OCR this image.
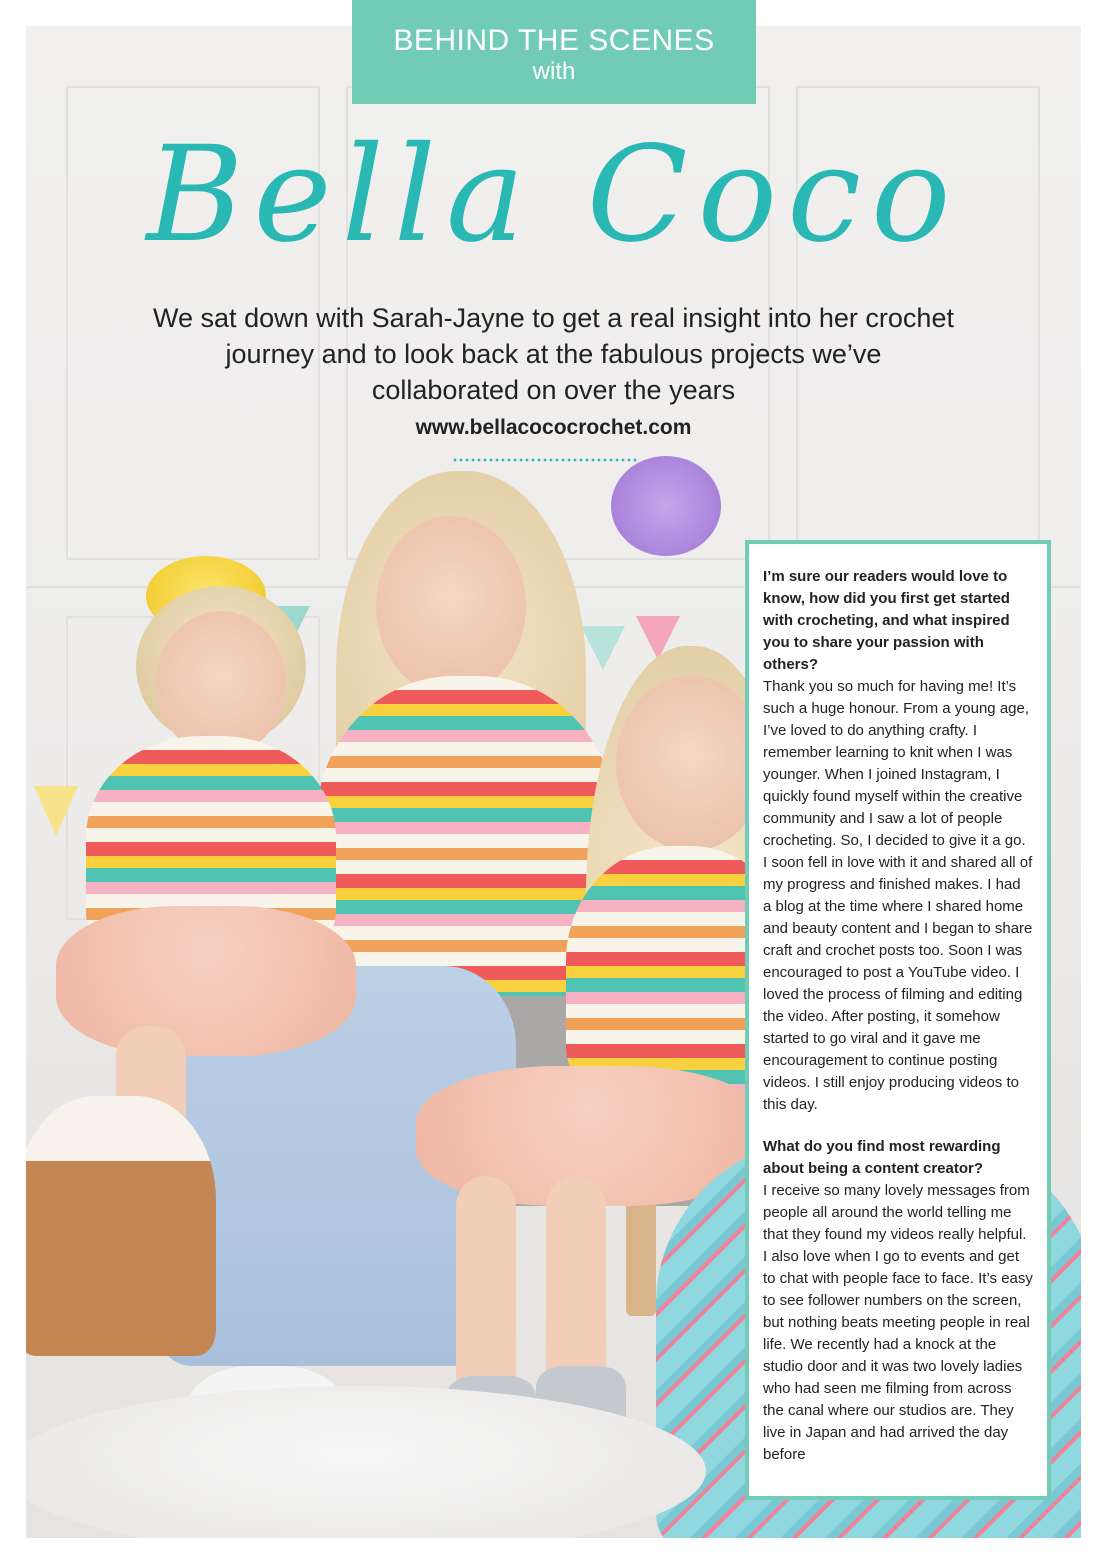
BEHIND THE SCENES
with
Bella Coco
We sat down with Sarah-Jayne to get a real insight into her crochet journey and to look back at the fabulous projects we’ve collaborated on over the years
www.bellacococrochet.com

I’m sure our readers would love to know, how did you first get started with crocheting, and what inspired you to share your passion with others?

Thank you so much for having me! It’s such a huge honour. From a young age, I’ve loved to do anything crafty. I remember learning to knit when I was younger. When I joined Instagram, I quickly found myself within the creative community and I saw a lot of people crocheting. So, I decided to give it a go. I soon fell in love with it and shared all of my progress and finished makes. I had a blog at the time where I shared home and beauty content and I began to share craft and crochet posts too. Soon I was encouraged to post a YouTube video. I loved the process of filming and editing the video. After posting, it somehow started to go viral and it gave me encouragement to continue posting videos. I still enjoy producing videos to this day.

What do you find most rewarding about being a content creator?

I receive so many lovely messages from people all around the world telling me that they found my videos really helpful. I also love when I go to events and get to chat with people face to face. It’s easy to see follower numbers on the screen, but nothing beats meeting people in real life. We recently had a knock at the studio door and it was two lovely ladies who had seen me filming from across the canal where our studios are. They live in Japan and had arrived the day before
